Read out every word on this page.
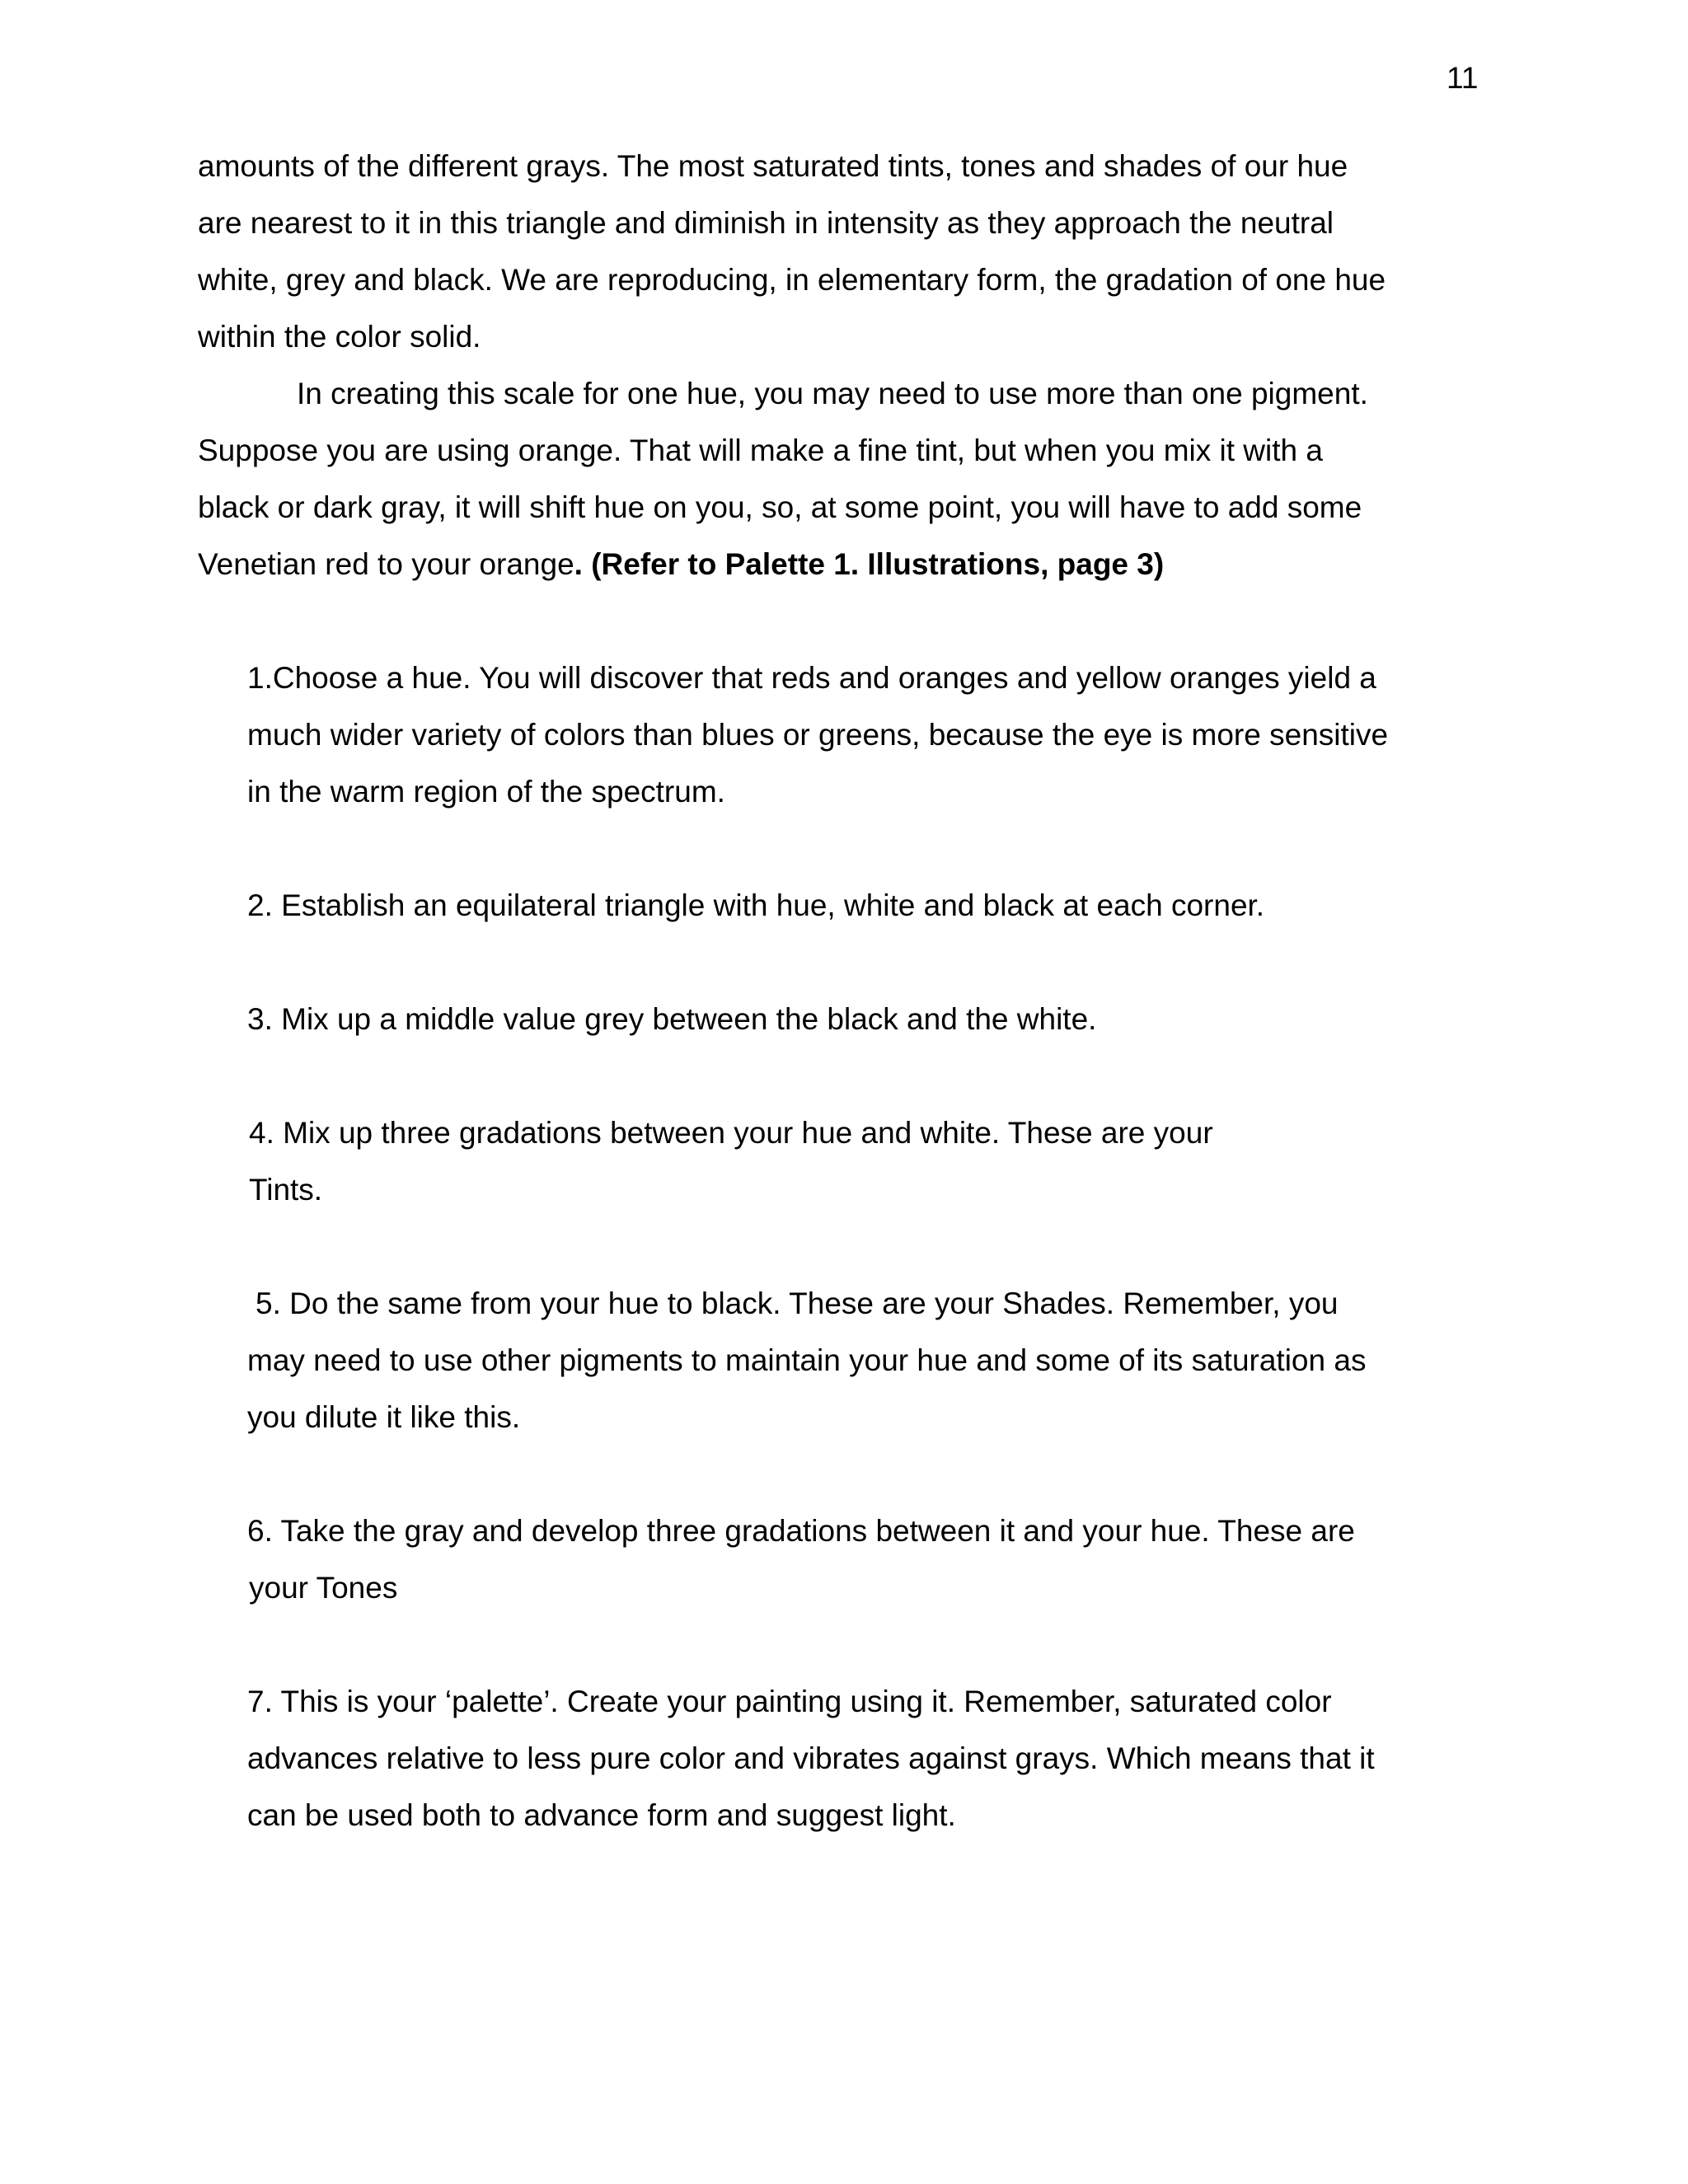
11
amounts of the different grays. The most saturated tints, tones and shades of our hue
are nearest to it in this triangle and diminish in intensity as they approach the neutral
white, grey and black. We are reproducing, in elementary form, the gradation of one hue
within the color solid.
In creating this scale for one hue, you may need to use more than one pigment.
Suppose you are using orange. That will make a fine tint, but when you mix it with a
black or dark gray, it will shift hue on you, so, at some point, you will have to add some
Venetian red to your orange. (Refer to Palette 1. Illustrations, page 3)
1.Choose a hue. You will discover that reds and oranges and yellow oranges yield a
much wider variety of colors than blues or greens, because the eye is more sensitive
in the warm region of the spectrum.
2. Establish an equilateral triangle with hue, white and black at each corner.
3. Mix up a middle value grey between the black and the white.
4. Mix up three gradations between your hue and white. These are your
Tints.
5. Do the same from your hue to black. These are your Shades. Remember, you
may need to use other pigments to maintain your hue and some of its saturation as
you dilute it like this.
6. Take the gray and develop three gradations between it and your hue. These are
your Tones
7. This is your ‘palette’. Create your painting using it. Remember, saturated color
advances relative to less pure color and vibrates against grays. Which means that it
can be used both to advance form and suggest light.
